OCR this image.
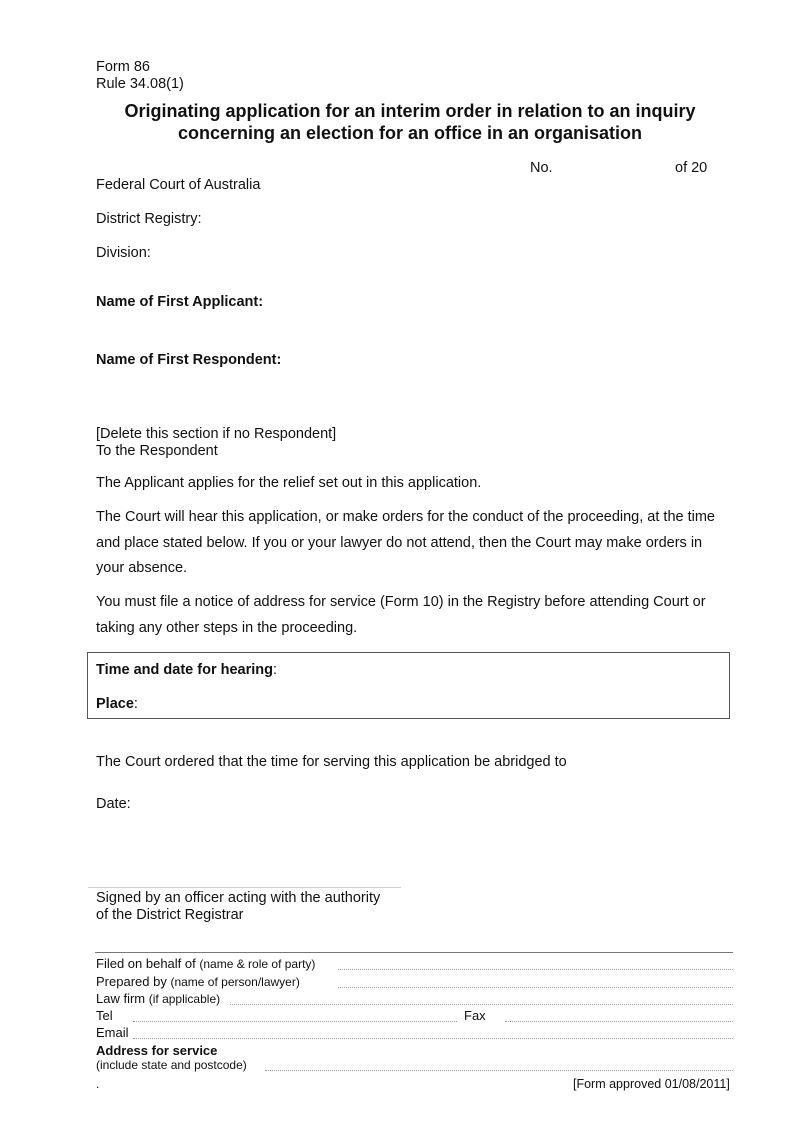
Form 86
Rule 34.08(1)
Originating application for an interim order in relation to an inquiry
concerning an election for an office in an organisation
No.	of 20
Federal Court of Australia
District Registry:
Division:
Name of First Applicant:
Name of First Respondent:
[Delete this section if no Respondent]
To the Respondent
The Applicant applies for the relief set out in this application.
The Court will hear this application, or make orders for the conduct of the proceeding, at the time and place stated below. If you or your lawyer do not attend, then the Court may make orders in your absence.
You must file a notice of address for service (Form 10) in the Registry before attending Court or taking any other steps in the proceeding.
Time and date for hearing:
Place:
The Court ordered that the time for serving this application be abridged to
Date:
Signed by an officer acting with the authority
of the District Registrar
Filed on behalf of (name & role of party)
Prepared by (name of person/lawyer)
Law firm (if applicable)
Tel	Fax
Email
Address for service
(include state and postcode)
.	[Form approved 01/08/2011]
